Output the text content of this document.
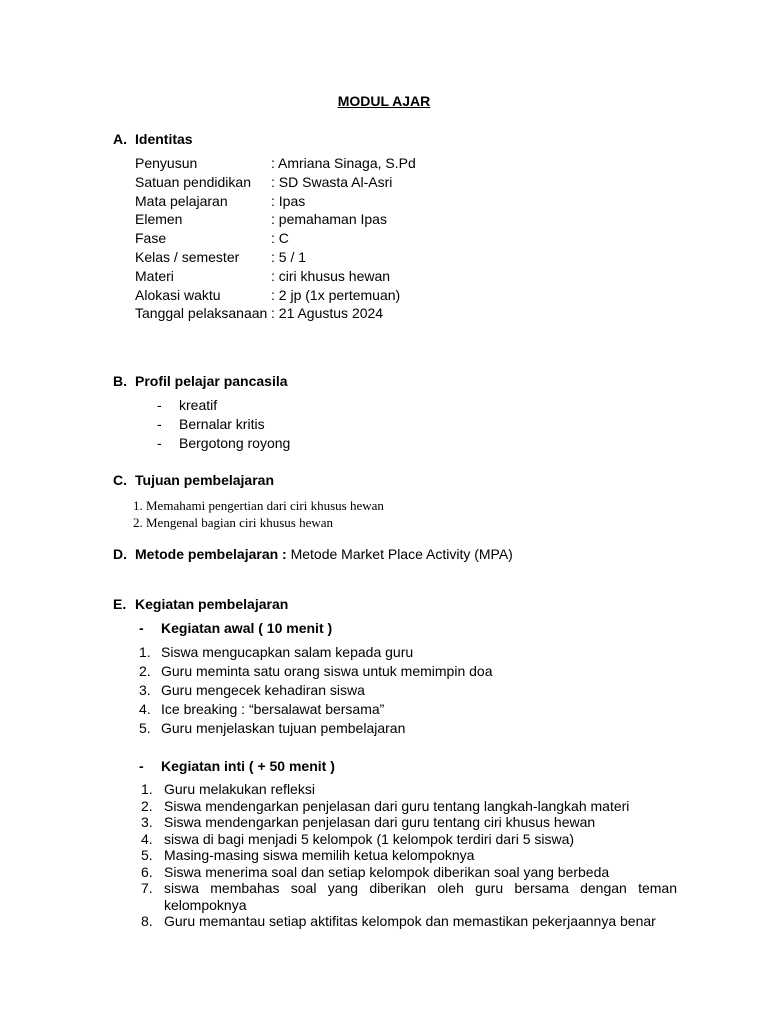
MODUL AJAR
A. Identitas
Penyusun	: Amriana Sinaga, S.Pd
Satuan pendidikan	: SD Swasta Al-Asri
Mata pelajaran	: Ipas
Elemen	: pemahaman Ipas
Fase	: C
Kelas / semester	: 5 / 1
Materi	: ciri khusus hewan
Alokasi waktu	: 2 jp (1x pertemuan)
Tanggal pelaksanaan : 21 Agustus 2024
B. Profil pelajar pancasila
-	kreatif
-	Bernalar kritis
-	Bergotong royong
C. Tujuan pembelajaran
1. Memahami pengertian dari ciri khusus hewan
2. Mengenal bagian ciri khusus hewan
D. Metode pembelajaran : Metode Market Place Activity (MPA)
E. Kegiatan pembelajaran
- Kegiatan awal ( 10 menit )
1. Siswa mengucapkan salam kepada guru
2. Guru meminta satu orang siswa untuk memimpin doa
3. Guru mengecek kehadiran siswa
4. Ice breaking : “bersalawat bersama”
5. Guru menjelaskan tujuan pembelajaran
- Kegiatan inti ( + 50 menit )
1. Guru melakukan refleksi
2. Siswa mendengarkan penjelasan dari guru tentang langkah-langkah materi
3. Siswa mendengarkan penjelasan dari guru tentang ciri khusus hewan
4. siswa di bagi menjadi 5 kelompok (1 kelompok terdiri dari 5 siswa)
5. Masing-masing siswa memilih ketua kelompoknya
6. Siswa menerima soal dan setiap kelompok diberikan soal yang berbeda
7. siswa membahas soal yang diberikan oleh guru bersama dengan teman kelompoknya
8. Guru memantau setiap aktifitas kelompok dan memastikan pekerjaannya benar
